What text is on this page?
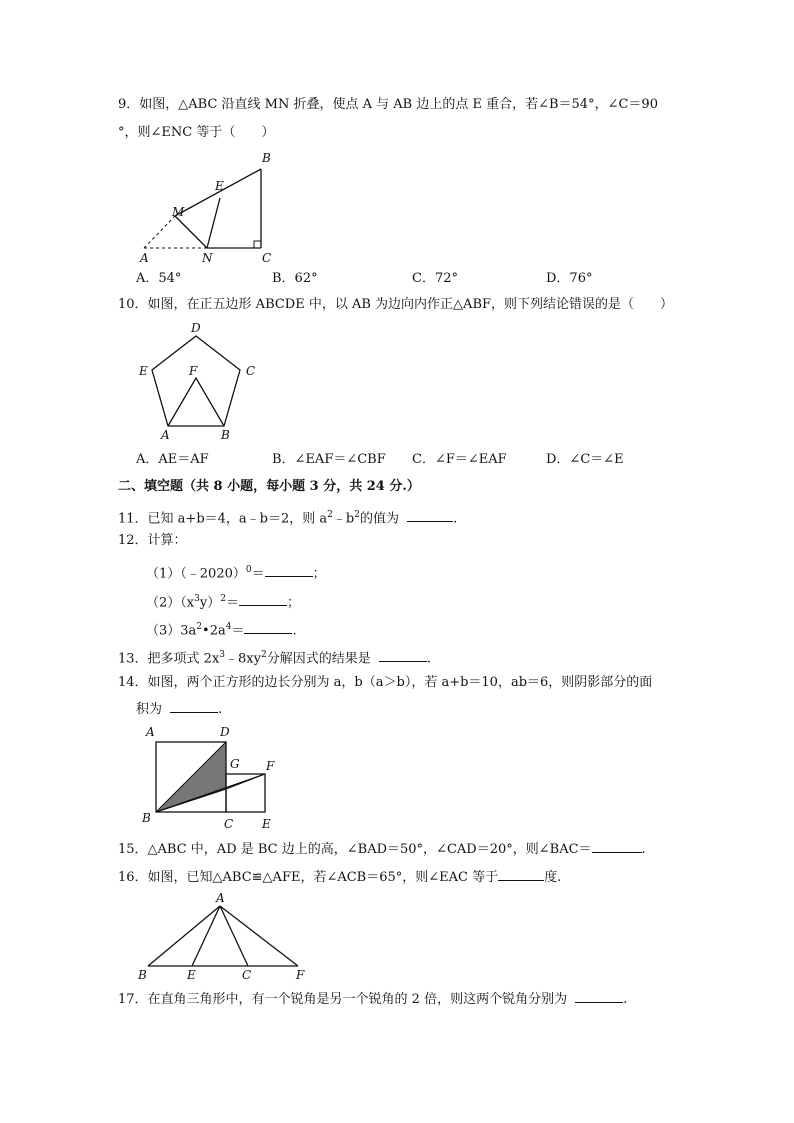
9．如图，△ABC 沿直线 MN 折叠，使点 A 与 AB 边上的点 E 重合，若∠B＝54°，∠C＝90
°，则∠ENC 等于（　　）
B
E
M
A	N	C
A．54°	B．62°	C．72°	D．76°
10．如图，在正五边形 ABCDE 中，以 AB 为边向内作正△ABF，则下列结论错误的是（　　）
D
E	C
F
A	B
A．AE＝AF	B．∠EAF＝∠CBF C．∠F＝∠EAF	D．∠C＝∠E
二、填空题（共 8 小题，每小题 3 分，共 24 分.）
11．已知 a+b＝4，a﹣b＝2，则 $a^2﹣b^2$的值为	.
12．计算：
（1）（﹣2020）$^0$＝	；
$(2)(x^3y)^2=$	；
$(3)3a^2•2a^4=$	.
13．把多项式 $2x^3﹣8xy^2$分解因式的结果是	.
14．如图，两个正方形的边长分别为 a，b（a＞b），若 a+b＝10，ab＝6，则阴影部分的面
积为	.
A	D
G F
B	C E
15．△ABC 中，AD 是 BC 边上的高，∠BAD＝50°，∠CAD＝20°，则∠BAC＝	.
16．如图，已知△ABC≌△AFE，若∠ACB＝65°，则∠EAC 等于	度.
A
B	E	C	F
17．在直角三角形中，有一个锐角是另一个锐角的 2 倍，则这两个锐角分别为	.
